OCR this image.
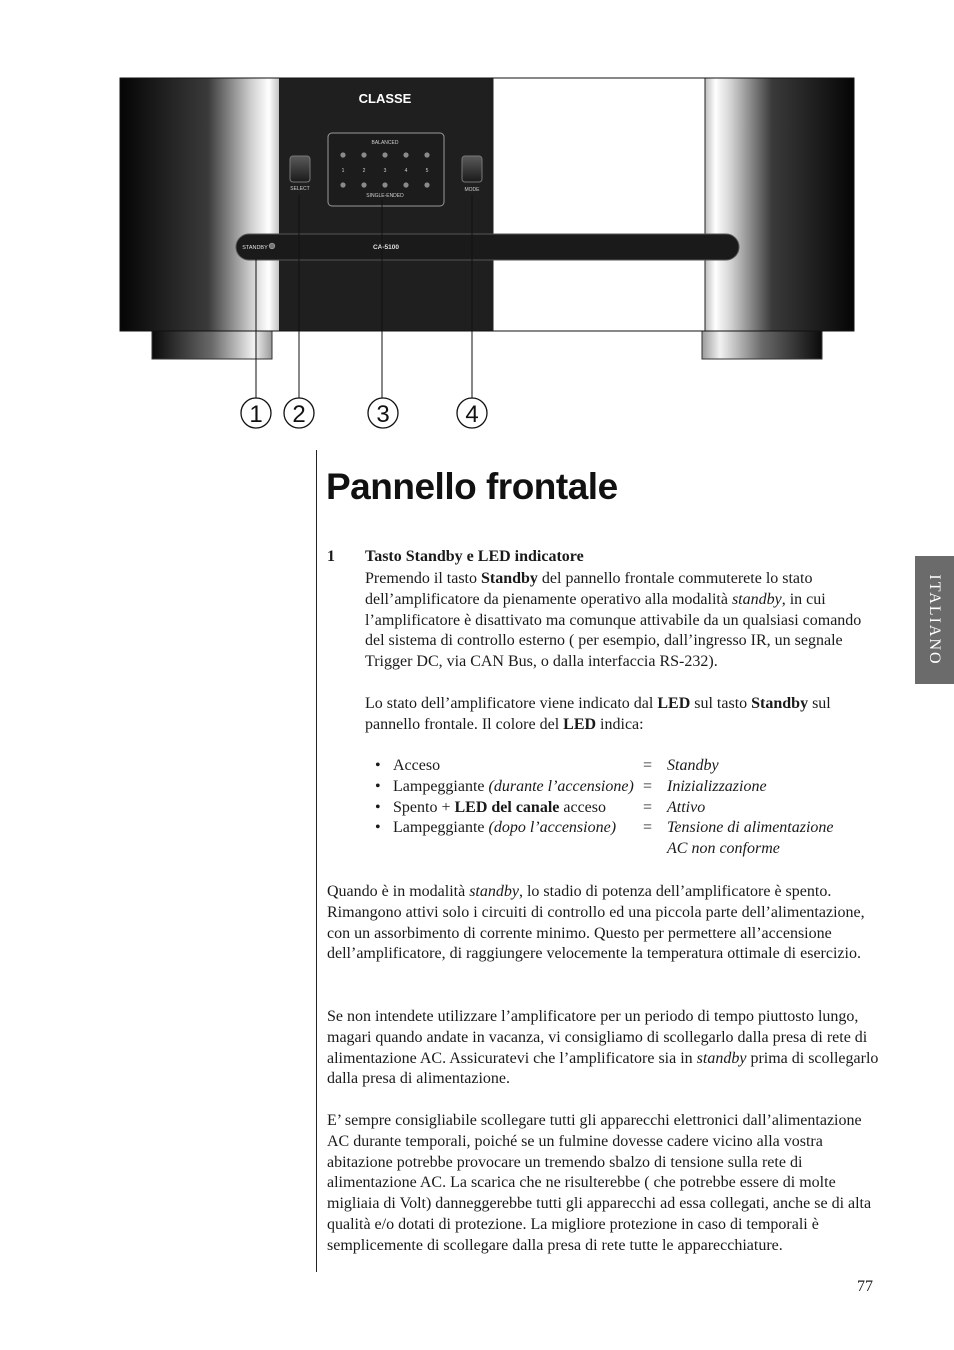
CLASSE
BALANCED
SINGLE-ENDED
1	2	3	4	5
SELECT	MODE
STANDBY	CA-5100
1 2	3	4
Pannello frontale
1 Tasto Standby e LED indicatore
Premendo il tasto Standby del pannello frontale commuterete lo stato dell’amplificatore da pienamente operativo alla modalità standby, in cui l’amplificatore è disattivato ma comunque attivabile da un qualsiasi comando del sistema di controllo esterno ( per esempio, dall’ingresso IR, un segnale Trigger DC, via CAN Bus, o dalla interfaccia RS-232).
Lo stato dell’amplificatore viene indicato dal LED sul tasto Standby sul pannello frontale. Il colore del LED indica:
• Acceso	= Standby
• Lampeggiante (durante l’accensione) = Inizializzazione
• Spento + LED del canale acceso = Attivo
• Lampeggiante (dopo l’accensione) = Tensione di alimentazione
AC non conforme
Quando è in modalità standby, lo stadio di potenza dell’amplificatore è spento. Rimangono attivi solo i circuiti di controllo ed una piccola parte dell’alimentazione, con un assorbimento di corrente minimo. Questo per permettere all’accensione dell’amplificatore, di raggiungere velocemente la temperatura ottimale di esercizio.
Se non intendete utilizzare l’amplificatore per un periodo di tempo piuttosto lungo, magari quando andate in vacanza, vi consigliamo di scollegarlo dalla presa di rete di alimentazione AC. Assicuratevi che l’amplificatore sia in standby prima di scollegarlo dalla presa di alimentazione.
E’ sempre consigliabile scollegare tutti gli apparecchi elettronici dall’alimentazione AC durante temporali, poiché se un fulmine dovesse cadere vicino alla vostra abitazione potrebbe provocare un tremendo sbalzo di tensione sulla rete di alimentazione AC. La scarica che ne risulterebbe ( che potrebbe essere di molte migliaia di Volt) danneggerebbe tutti gli apparecchi ad essa collegati, anche se di alta qualità e/o dotati di protezione. La migliore protezione in caso di temporali è semplicemente di scollegare dalla presa di rete tutte le apparecchiature.
ITALIANO
77
